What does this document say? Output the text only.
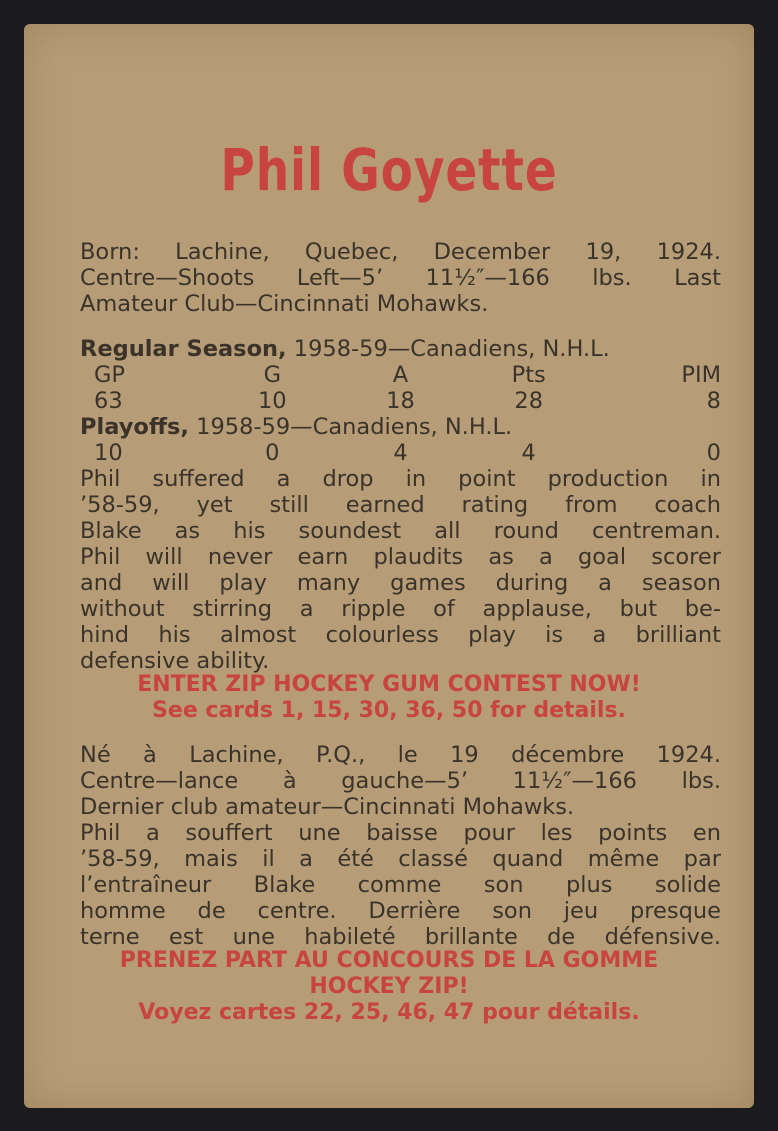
Phil Goyette
Born: Lachine, Quebec, December 19, 1924.
Centre—Shoots Left—5’ 11½″—166 lbs. Last
Amateur Club—Cincinnati Mohawks.
Regular Season, 1958-59—Canadiens, N.H.L.
GP	G	A	Pts	PIM
63	10	18	28	8
Playoffs, 1958-59—Canadiens, N.H.L.
10	0	4	4	0
Phil suffered a drop in point production in
’58-59, yet still earned rating from coach
Blake as his soundest all round centreman.
Phil will never earn plaudits as a goal scorer
and will play many games during a season
without stirring a ripple of applause, but be-
hind his almost colourless play is a brilliant
defensive ability.
ENTER ZIP HOCKEY GUM CONTEST NOW!
See cards 1, 15, 30, 36, 50 for details.
Né à Lachine, P.Q., le 19 décembre 1924.
Centre—lance à gauche—5’ 11½″—166 lbs.
Dernier club amateur—Cincinnati Mohawks.
Phil a souffert une baisse pour les points en
’58-59, mais il a été classé quand même par
l’entraîneur Blake comme son plus solide
homme de centre. Derrière son jeu presque
terne est une habileté brillante de défensive.
PRENEZ PART AU CONCOURS DE LA GOMME
HOCKEY ZIP!
Voyez cartes 22, 25, 46, 47 pour détails.
